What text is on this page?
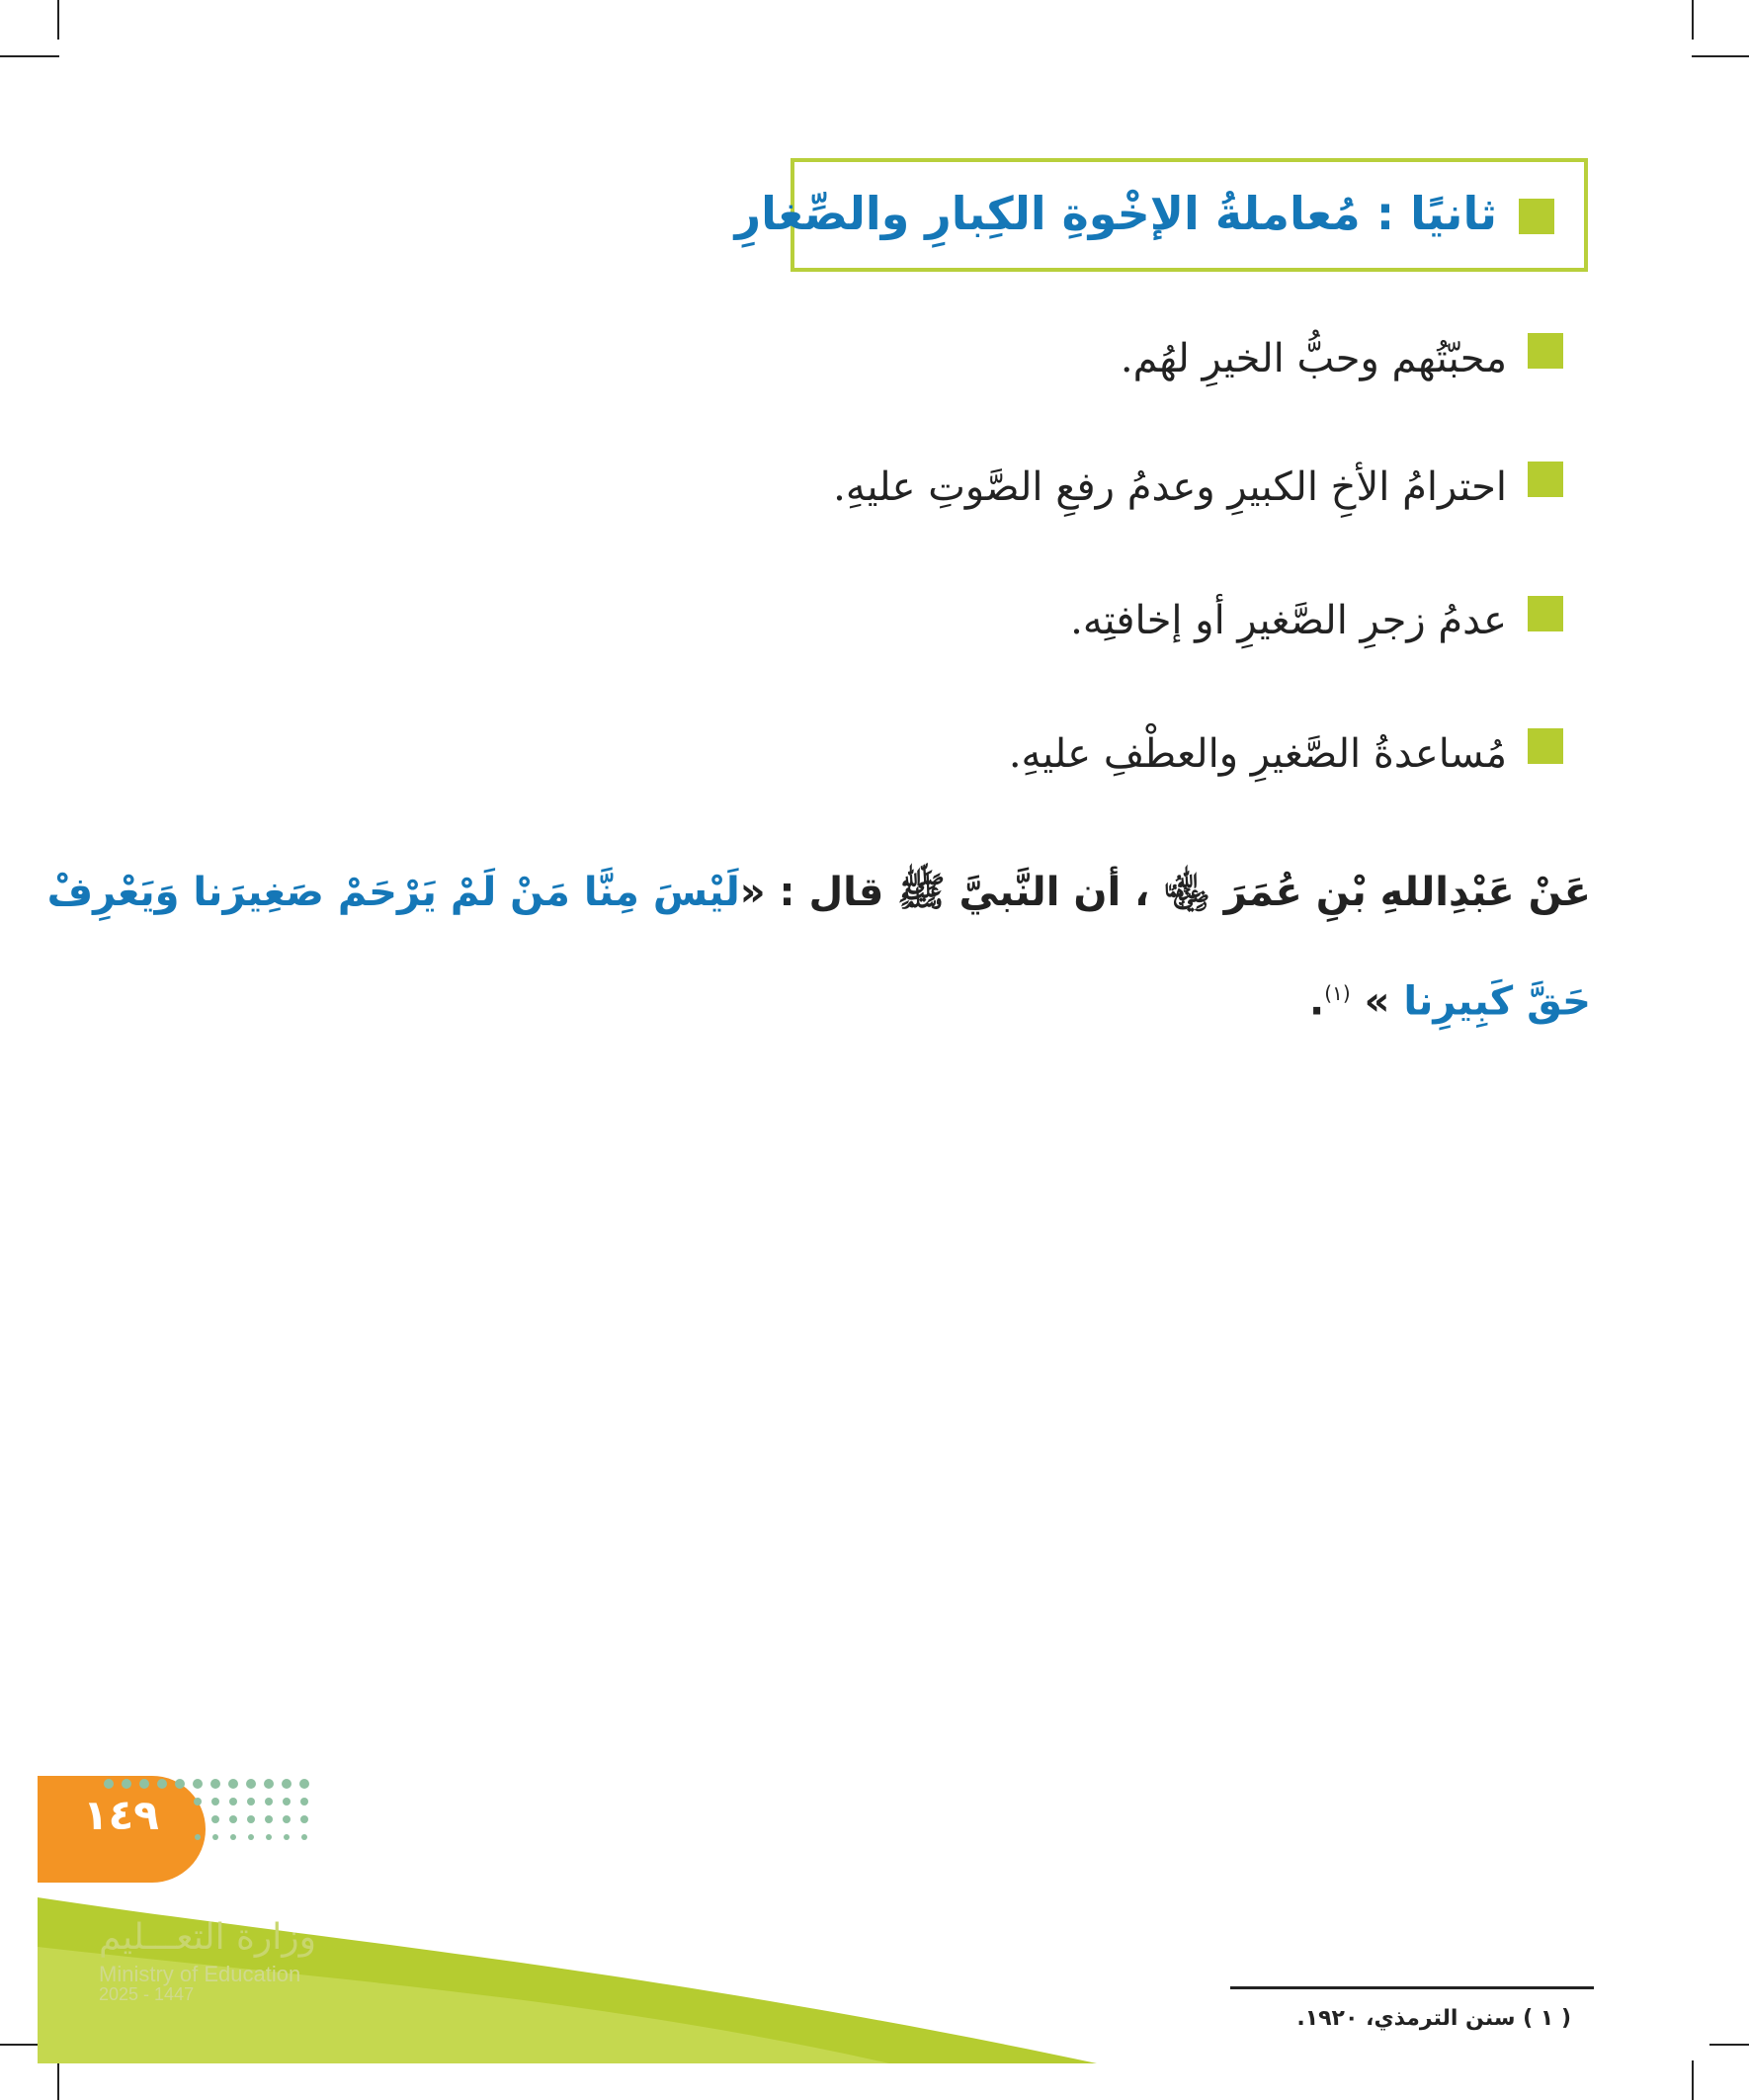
ثانيًا : مُعاملةُ الإخْوةِ الكِبارِ والصِّغارِ
محبّتُهم وحبُّ الخيرِ لهُم.
احترامُ الأخِ الكبيرِ وعدمُ رفعِ الصَّوتِ عليهِ.
عدمُ زجرِ الصَّغيرِ أو إخافتِه.
مُساعدةُ الصَّغيرِ والعطْفِ عليهِ.
عَنْ عَبْدِاللهِ بْنِ عُمَرَ ﵄ ، أن النَّبيَّ ﷺ قال : «لَيْسَ مِنَّا مَنْ لَمْ يَرْحَمْ صَغِيرَنا وَيَعْرِفْ
حَقَّ كَبِيرِنا » $^{(١)}$.
( ١ ) سنن الترمذي، ١٩٢٠.
١٤٩
وزارة التعـــليم
Ministry of Education
2025 - 1447
